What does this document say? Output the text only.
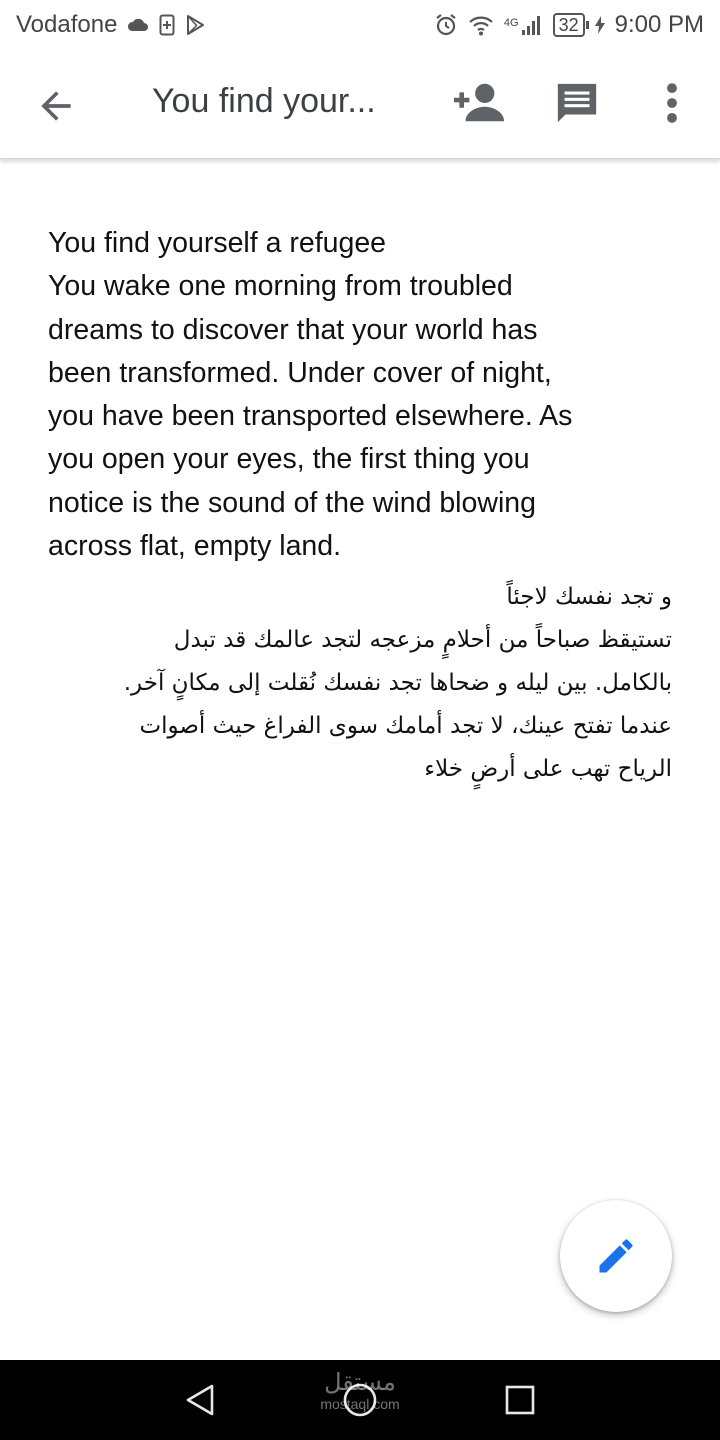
Vodafone	4G 32 9:00 PM
You find your...

You find yourself a refugee
You wake one morning from troubled
dreams to discover that your world has
been transformed. Under cover of night,
you have been transported elsewhere. As
you open your eyes, the first thing you
notice is the sound of the wind blowing
across flat, empty land.

و تجد نفسك لاجئاً
تستيقظ صباحاً من أحلامٍ مزعجه لتجد عالمك قد تبدل
بالكامل. بين ليله و ضحاها تجد نفسك نُقلت إلى مكانٍ آخر.
عندما تفتح عينك، لا تجد أمامك سوى الفراغ حيث أصوات
الرياح تهب على أرضٍ خلاء

مستقل
mostaql.com
